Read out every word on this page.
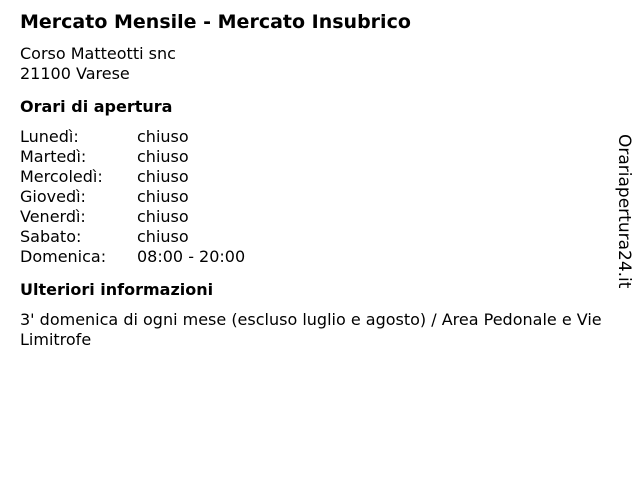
Mercato Mensile - Mercato Insubrico
Corso Matteotti snc
21100 Varese
Orari di apertura
Lunedì:	chiuso
Martedì:	chiuso
Mercoledì:	chiuso
Giovedì:	chiuso
Venerdì:	chiuso
Sabato:	chiuso
Domenica:	08:00 - 20:00
Ulteriori informazioni
3' domenica di ogni mese (escluso luglio e agosto) / Area Pedonale e Vie Limitrofe
Orariapertura24.it
